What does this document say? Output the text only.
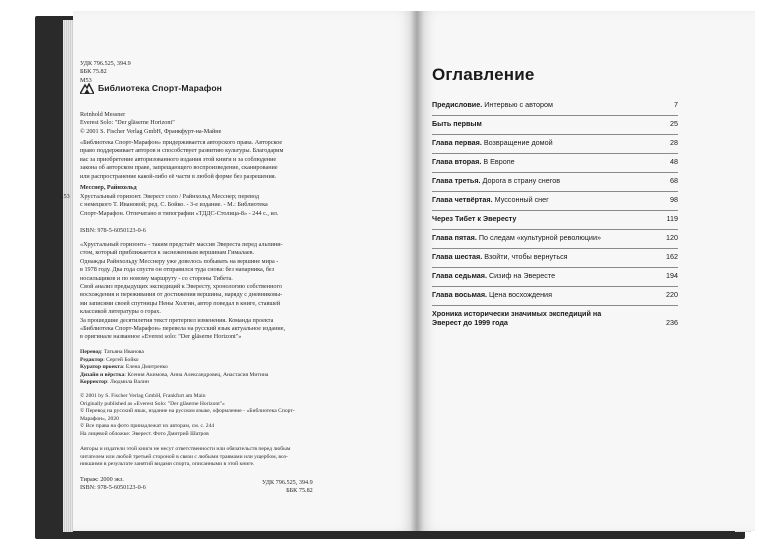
УДК 796.525, 394.9
ББК 75.82
М53
Библиотека Спорт-Марафон
Reinhold Messner
Everest Solo: "Der gläserne Horizont"
© 2001 S. Fischer Verlag GmbH, Франкфурт-на-Майне
«Библиотека Спорт-Марафон» придерживается авторского права. Авторское
право поддерживает авторов и способствует развитию культуры. Благодарим
вас за приобретение авторизованного издания этой книги и за соблюдение
закона об авторском праве, запрещающего воспроизведение, сканирование
или распространение какой-либо её части в любой форме без разрешения.
Месснер, Райнхольд
М53 Хрустальный горизонт. Эверест соло / Райнхольд Месснер; перевод
с немецкого Т. Ивановой; ред. С. Бойко. - 3-е издание. - М.: Библиотека
Спорт-Марафон. Отпечатано в типографии «ТДДС-Столица-8» - 244 с., ил.
ISBN: 978-5-6050123-0-6
«Хрустальный горизонт» - таким предстаёт массив Эвереста перед альпини-
стом, который приближается к заснеженным вершинам Гималаев.
Однажды Райнхольду Месснеру уже довелось побывать на вершине мира -
в 1978 году. Два года спустя он отправился туда снова: без напарника, без
носильщиков и по новому маршруту - со стороны Тибета.
Свой анализ предыдущих экспедиций к Эвересту, хронологию собственного
восхождения и переживания от достижения вершины, наряду с дневниковы-
ми записями своей спутницы Нены Холгин, автор поведал в книге, ставшей
классикой литературы о горах.
За прошедшие десятилетия текст претерпел изменения. Команда проекта
«Библиотека Спорт-Марафон» перевела на русский язык актуальное издание,
в оригинале названное «Everest solo: "Der gläserne Horizont"»
Перевод: Татьяна Иванова
Редактор: Сергей Бойко
Куратор проекта: Елена Дмитренко
Дизайн и вёрстка: Ксения Акимова, Анна Александровец, Анастасия Митина
Корректор: Людмила Валин
© 2001 by S. Fischer Verlag GmbH, Frankfurt am Main
Originally published as «Everest Solo: "Der gläserne Horizont"»
© Перевод на русский язык, издание на русском языке, оформление - «Библиотека Спорт-
Марафон», 2020
© Все права на фото принадлежат их авторам, см. с. 244
На лицевой обложке: Эверест. Фото Дмитрий Шатров
Авторы и издатели этой книги не несут ответственности или обязательств перед любым
читателем или любой третьей стороной в связи с любыми травмами или ущербом, воз-
никшими в результате занятий видами спорта, описанными в этой книге.
Тираж: 2000 экз.
ISBN: 978-5-6050123-0-6
УДК 796.525, 394.9
ББК 75.82
Оглавление
Предисловие. Интервью с автором	7
Быть первым	25
Глава первая. Возвращение домой	28
Глава вторая. В Европе	48
Глава третья. Дорога в страну снегов	68
Глава четвёртая. Муссонный снег	98
Через Тибет к Эвересту	119
Глава пятая. По следам «культурной революции»	120
Глава шестая. Взойти, чтобы вернуться	162
Глава седьмая. Сизиф на Эвересте	194
Глава восьмая. Цена восхождения	220
Хроника исторически значимых экспедиций на Эверест до 1999 года	236
